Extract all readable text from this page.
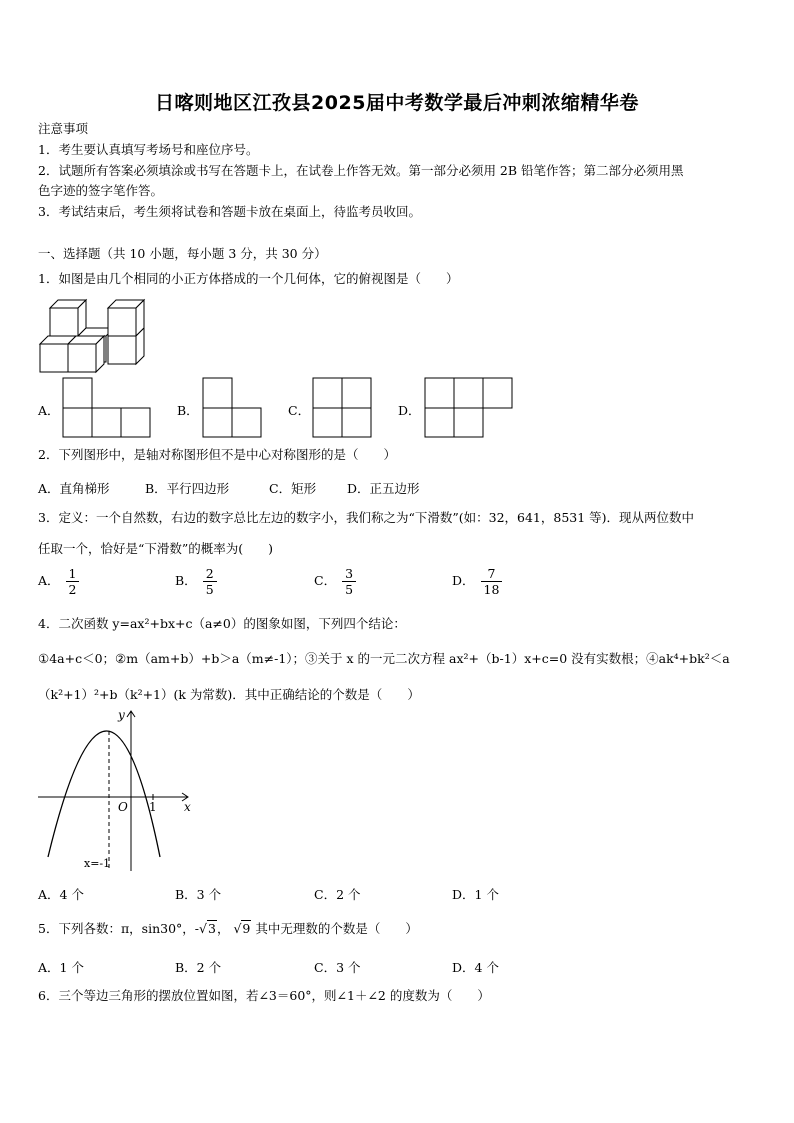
日喀则地区江孜县2025届中考数学最后冲刺浓缩精华卷
注意事项
1．考生要认真填写考场号和座位序号。
2．试题所有答案必须填涂或书写在答题卡上，在试卷上作答无效。第一部分必须用 2B 铅笔作答；第二部分必须用黑
色字迹的签字笔作答。
3．考试结束后，考生须将试卷和答题卡放在桌面上，待监考员收回。
一、选择题（共 10 小题，每小题 3 分，共 30 分）
1．如图是由几个相同的小正方体搭成的一个几何体，它的俯视图是（　　）
A．	B．	C．	D．
2．下列图形中，是轴对称图形但不是中心对称图形的是（　　）
A．直角梯形	B．平行四边形	C．矩形 D．正五边形
3．定义：一个自然数，右边的数字总比左边的数字小，我们称之为“下滑数”(如：32，641，8531 等)．现从两位数中
任取一个，恰好是“下滑数”的概率为(　　)
A． $\frac{1}{2}$	B． $\frac{2}{5}$	C． $\frac{3}{5}$	D． $\frac{7}{18}$
4．二次函数 y=ax²+bx+c（a≠0）的图象如图，下列四个结论：
①4a+c＜0；②m（am+b）+b＞a（m≠-1）；③关于 x 的一元二次方程 ax²+（b-1）x+c=0 没有实数根；④ak⁴+bk²＜a
（k²+1）²+b（k²+1）(k 为常数)．其中正确结论的个数是（　　）
y
x
O 1
x=-1
A．4 个	B．3 个	C．2 个	D．1 个
5．下列各数：π，sin30°，-√3， √9 其中无理数的个数是（　　）
A．1 个	B．2 个	C．3 个	D．4 个
6．三个等边三角形的摆放位置如图，若∠3＝60°，则∠1＋∠2 的度数为（　　）
